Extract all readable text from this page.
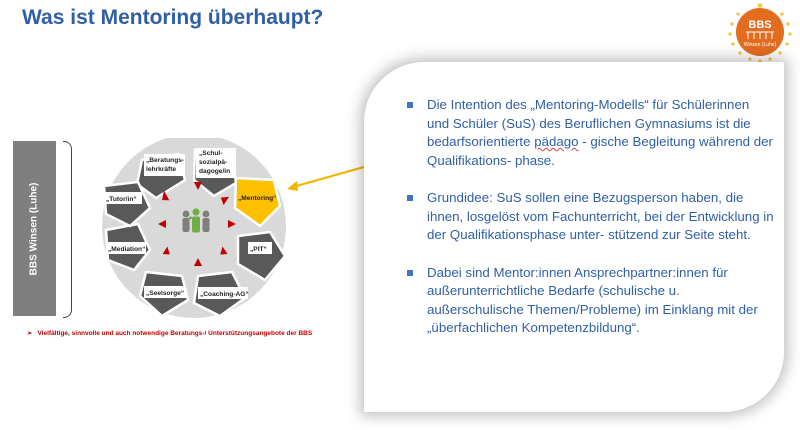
Was ist Mentoring überhaupt?	BBS
Winsen (Luhe)
BBS Winsen (Luhe)
„Beratungs-
lehrkräfte
„Schul-
sozialpä-
dagoge/in
„Mentoring“
„PIT“
„Coaching-AG“
„Seelsorge“
„Mediation“
„Tutor/in“
➢ Vielfältige, sinnvolle und auch notwendige Beratungs-/ Unterstützungsangebote der BBS
Die Intention des „Mentoring-Modells“ für Schülerinnen und Schüler (SuS) des Beruflichen Gymnasiums ist die bedarfsorientierte pädago - gische Begleitung während der Qualifikations- phase.
Grundidee: SuS sollen eine Bezugsperson haben, die ihnen, losgelöst vom Fachunterricht, bei der Entwicklung in der Qualifikationsphase unter- stützend zur Seite steht.
Dabei sind Mentor:innen Ansprechpartner:innen für außerunterrichtliche Bedarfe (schulische u. außerschulische Themen/Probleme) im Einklang mit der „überfachlichen Kompetenzbildung“.
